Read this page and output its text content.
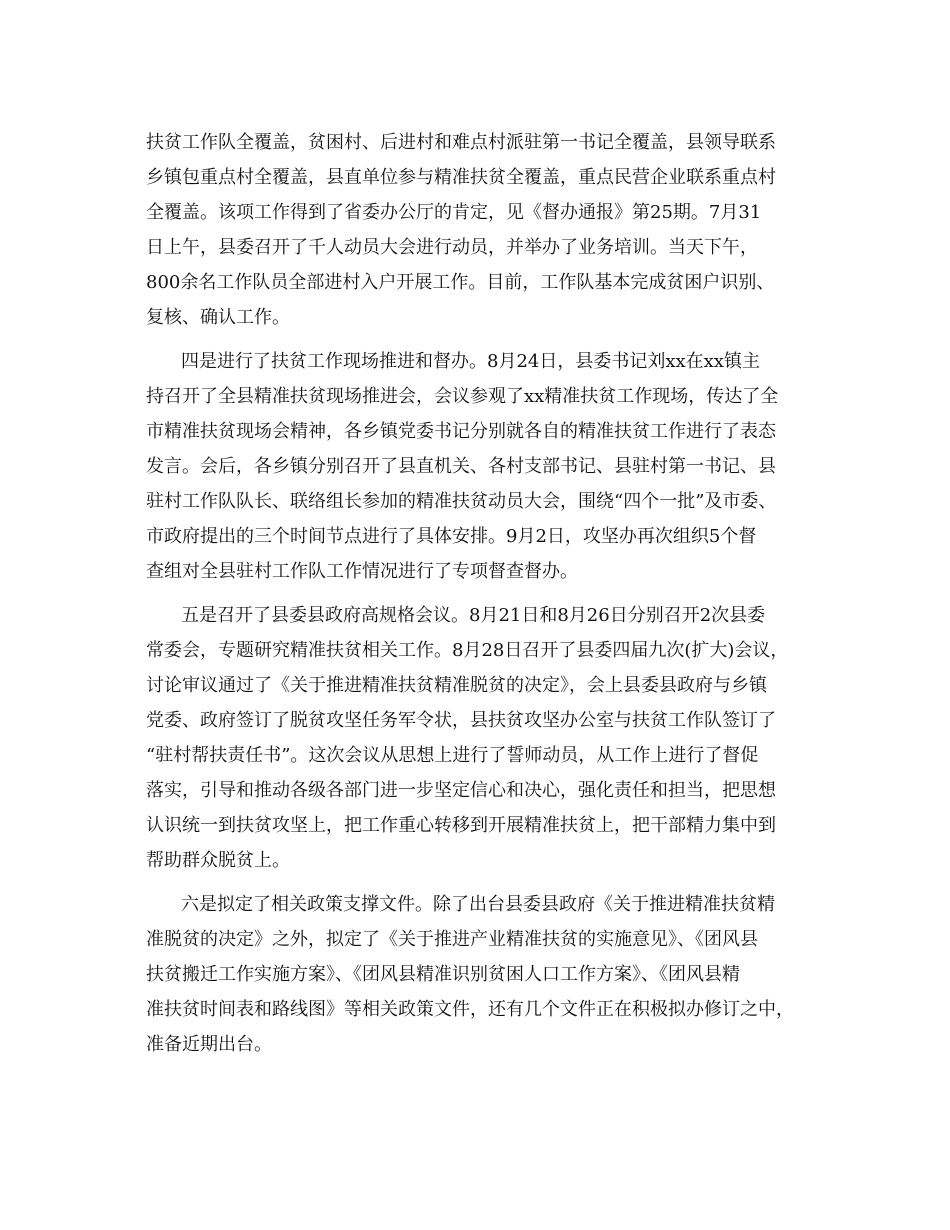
扶贫工作队全覆盖，贫困村、后进村和难点村派驻第一书记全覆盖，县领导联系

乡镇包重点村全覆盖，县直单位参与精准扶贫全覆盖，重点民营企业联系重点村

全覆盖。该项工作得到了省委办公厅的肯定，见《督办通报》第25期。7月31

日上午，县委召开了千人动员大会进行动员，并举办了业务培训。当天下午，

800余名工作队员全部进村入户开展工作。目前，工作队基本完成贫困户识别、

复核、确认工作。

四是进行了扶贫工作现场推进和督办。8月24日，县委书记刘xx在xx镇主

持召开了全县精准扶贫现场推进会，会议参观了xx精准扶贫工作现场，传达了全

市精准扶贫现场会精神，各乡镇党委书记分别就各自的精准扶贫工作进行了表态

发言。会后，各乡镇分别召开了县直机关、各村支部书记、县驻村第一书记、县

驻村工作队队长、联络组长参加的精准扶贫动员大会，围绕“四个一批”及市委、

市政府提出的三个时间节点进行了具体安排。9月2日，攻坚办再次组织5个督

查组对全县驻村工作队工作情况进行了专项督查督办。

五是召开了县委县政府高规格会议。8月21日和8月26日分别召开2次县委

常委会，专题研究精准扶贫相关工作。8月28日召开了县委四届九次(扩大)会议，

讨论审议通过了《关于推进精准扶贫精准脱贫的决定》，会上县委县政府与乡镇

党委、政府签订了脱贫攻坚任务军令状，县扶贫攻坚办公室与扶贫工作队签订了

“驻村帮扶责任书”。这次会议从思想上进行了誓师动员，从工作上进行了督促

落实，引导和推动各级各部门进一步坚定信心和决心，强化责任和担当，把思想

认识统一到扶贫攻坚上，把工作重心转移到开展精准扶贫上，把干部精力集中到

帮助群众脱贫上。

六是拟定了相关政策支撑文件。除了出台县委县政府《关于推进精准扶贫精

准脱贫的决定》之外，拟定了《关于推进产业精准扶贫的实施意见》、《团风县

扶贫搬迁工作实施方案》、《团风县精准识别贫困人口工作方案》、《团风县精

准扶贫时间表和路线图》等相关政策文件，还有几个文件正在积极拟办修订之中，

准备近期出台。
